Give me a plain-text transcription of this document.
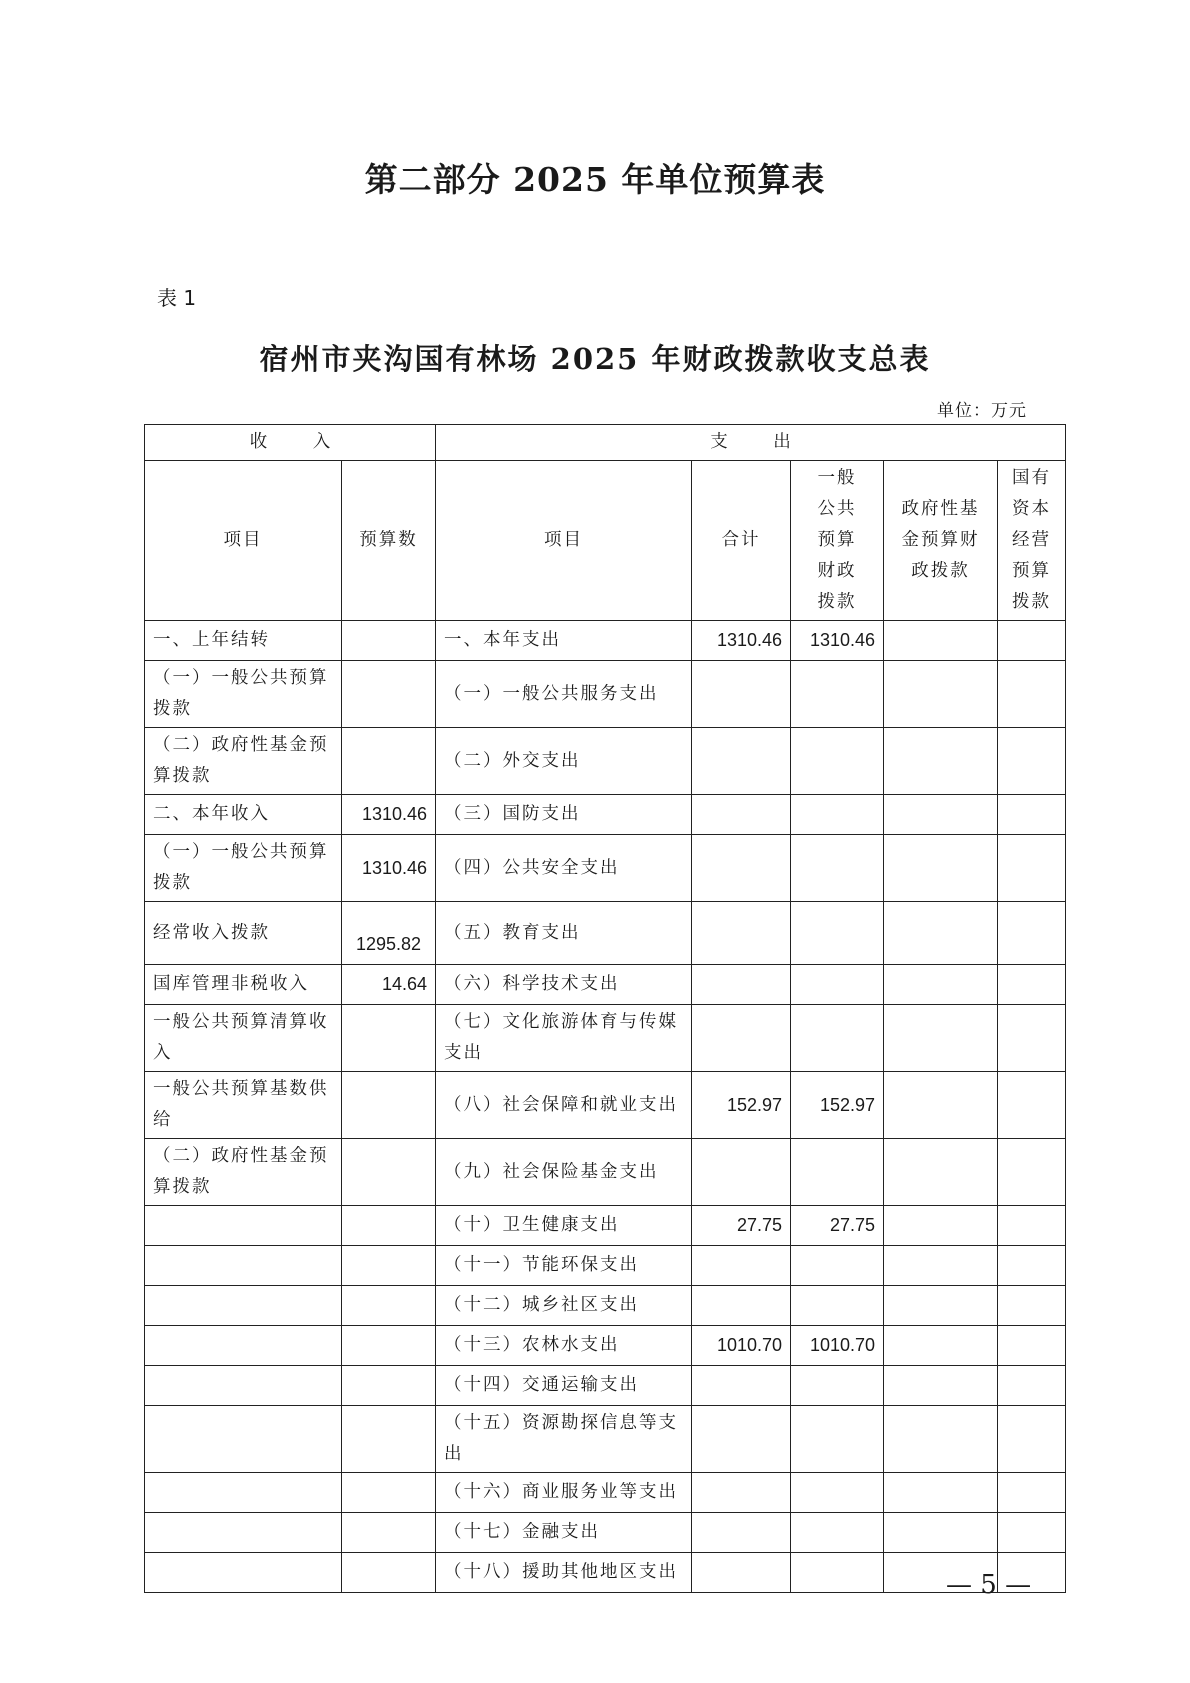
第二部分 2025 年单位预算表
表 1
宿州市夹沟国有林场 2025 年财政拨款收支总表
单位：万元
收 入		支 出				
项目	预算数	项目	合计	一般公共预算财政拨款	政府性基金预算财政拨款	国有资本经营预算拨款
一、上年结转		一、本年支出	1310.46	1310.46		
（一）一般公共预算拨款		（一）一般公共服务支出				
（二）政府性基金预算拨款		（二）外交支出				
二、本年收入	1310.46	（三）国防支出				
（一）一般公共预算拨款	1310.46	（四）公共安全支出				
经常收入拨款	1295.82	（五）教育支出				
国库管理非税收入	14.64	（六）科学技术支出				
一般公共预算清算收入		（七）文化旅游体育与传媒支出				
一般公共预算基数供给		（八）社会保障和就业支出	152.97	152.97		
（二）政府性基金预算拨款		（九）社会保险基金支出				
		（十）卫生健康支出	27.75	27.75		
		（十一）节能环保支出				
		（十二）城乡社区支出				
		（十三）农林水支出	1010.70	1010.70		
		（十四）交通运输支出				
		（十五）资源勘探信息等支出				
		（十六）商业服务业等支出				
		（十七）金融支出				
		（十八）援助其他地区支出					— 5 —
